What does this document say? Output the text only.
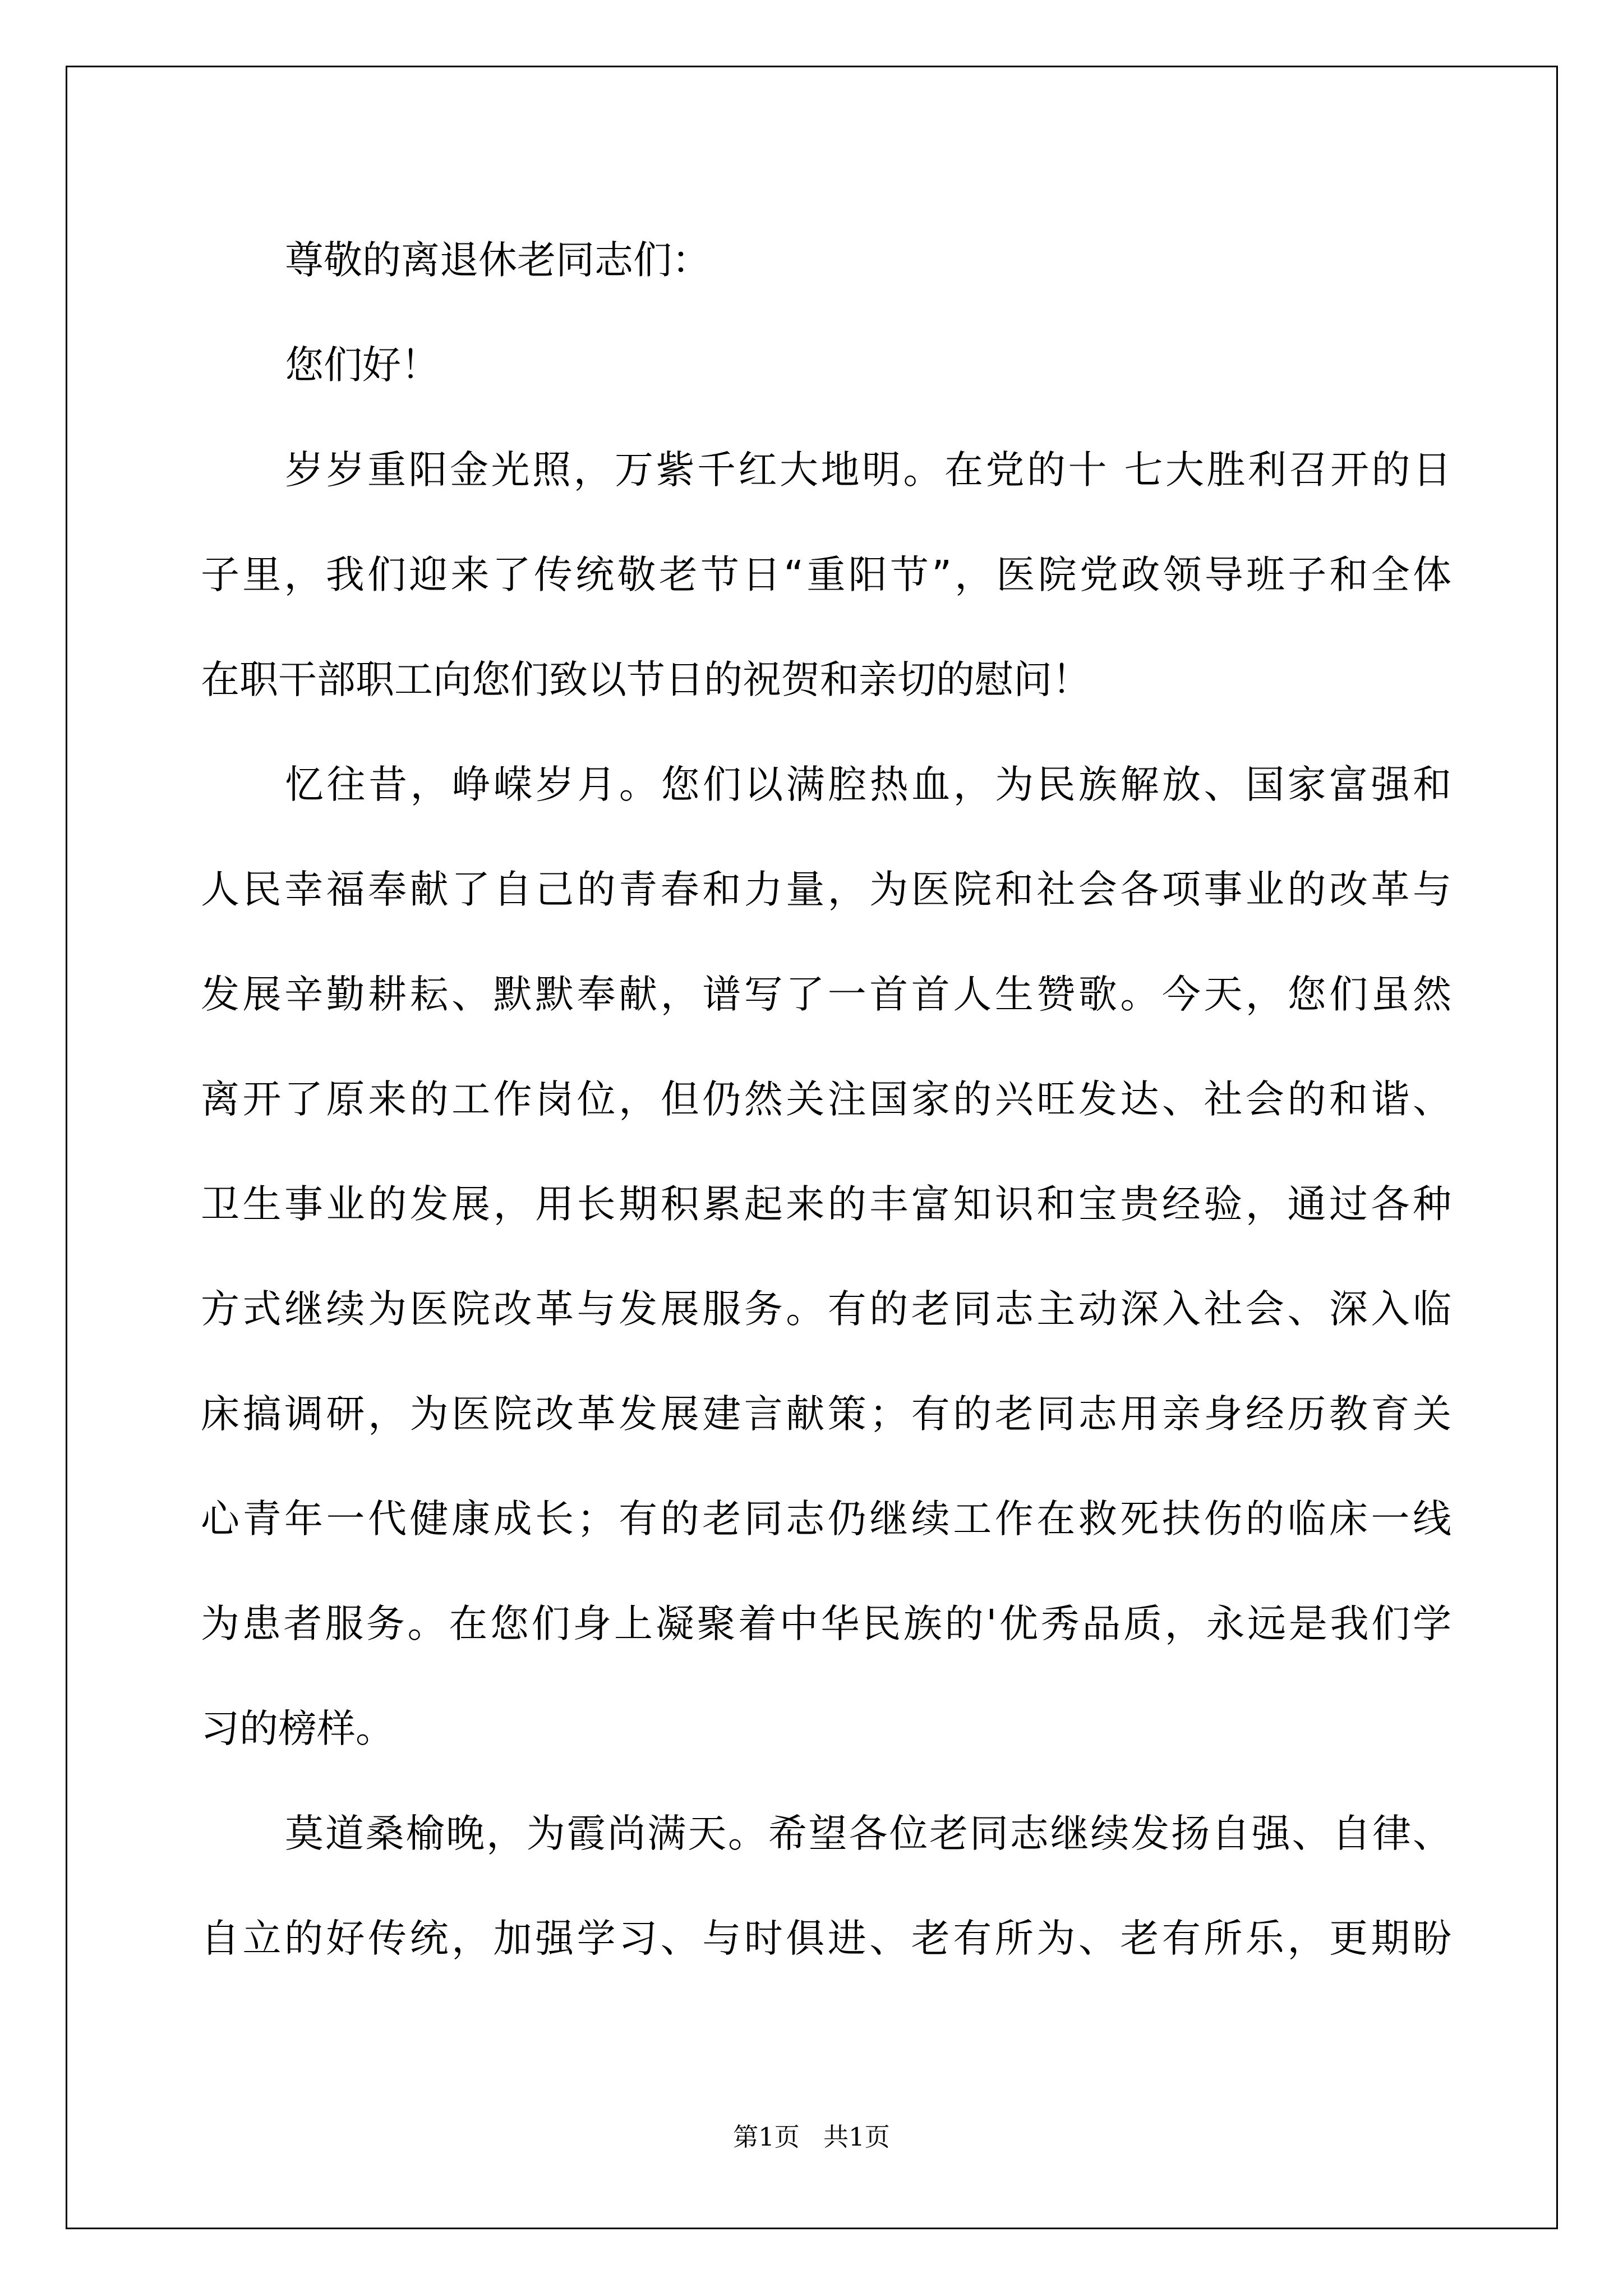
尊敬的离退休老同志们：
您们好！
岁岁重阳金光照，万紫千红大地明。在党的十 七大胜利召开的日
子里，我们迎来了传统敬老节日“重阳节”，医院党政领导班子和全体
在职干部职工向您们致以节日的祝贺和亲切的慰问！
忆往昔，峥嵘岁月。您们以满腔热血，为民族解放、国家富强和
人民幸福奉献了自己的青春和力量，为医院和社会各项事业的改革与
发展辛勤耕耘、默默奉献，谱写了一首首人生赞歌。今天，您们虽然
离开了原来的工作岗位，但仍然关注国家的兴旺发达、社会的和谐、
卫生事业的发展，用长期积累起来的丰富知识和宝贵经验，通过各种
方式继续为医院改革与发展服务。有的老同志主动深入社会、深入临
床搞调研，为医院改革发展建言献策；有的老同志用亲身经历教育关
心青年一代健康成长；有的老同志仍继续工作在救死扶伤的临床一线
为患者服务。在您们身上凝聚着中华民族的'优秀品质，永远是我们学
习的榜样。
莫道桑榆晚，为霞尚满天。希望各位老同志继续发扬自强、自律、
自立的好传统，加强学习、与时俱进、老有所为、老有所乐，更期盼
第1页 共1页
